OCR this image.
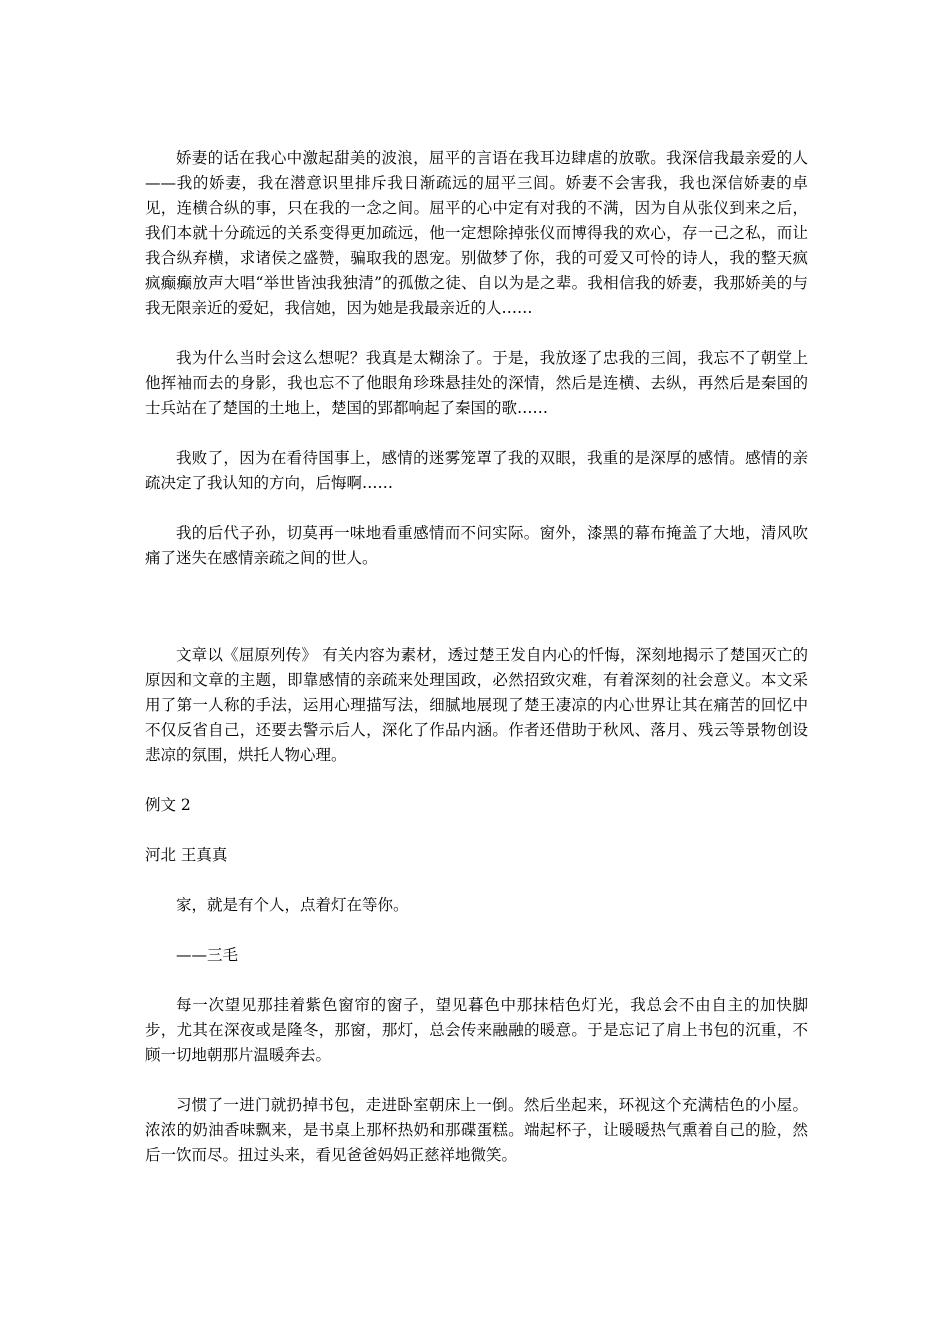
娇妻的话在我心中激起甜美的波浪，屈平的言语在我耳边肆虐的放歌。我深信我最亲爱的人——我的娇妻，我在潜意识里排斥我日渐疏远的屈平三闾。娇妻不会害我，我也深信娇妻的卓见，连横合纵的事，只在我的一念之间。屈平的心中定有对我的不满，因为自从张仪到来之后，我们本就十分疏远的关系变得更加疏远，他一定想除掉张仪而博得我的欢心，存一己之私，而让我合纵弃横，求诸侯之盛赞，骗取我的恩宠。别做梦了你，我的可爱又可怜的诗人，我的整天疯疯癫癫放声大唱“举世皆浊我独清”的孤傲之徒、自以为是之辈。我相信我的娇妻，我那娇美的与我无限亲近的爱妃，我信她，因为她是我最亲近的人……

我为什么当时会这么想呢？我真是太糊涂了。于是，我放逐了忠我的三闾，我忘不了朝堂上他挥袖而去的身影，我也忘不了他眼角珍珠悬挂处的深情，然后是连横、去纵，再然后是秦国的士兵站在了楚国的土地上，楚国的郢都响起了秦国的歌……

我败了，因为在看待国事上，感情的迷雾笼罩了我的双眼，我重的是深厚的感情。感情的亲疏决定了我认知的方向，后悔啊……

我的后代子孙，切莫再一味地看重感情而不问实际。窗外，漆黑的幕布掩盖了大地，清风吹痛了迷失在感情亲疏之间的世人。

文章以《屈原列传》 有关内容为素材，透过楚王发自内心的忏悔，深刻地揭示了楚国灭亡的原因和文章的主题，即靠感情的亲疏来处理国政，必然招致灾难，有着深刻的社会意义。本文采用了第一人称的手法，运用心理描写法，细腻地展现了楚王凄凉的内心世界让其在痛苦的回忆中不仅反省自己，还要去警示后人，深化了作品内涵。作者还借助于秋风、落月、残云等景物创设悲凉的氛围，烘托人物心理。

例文 2

河北 王真真

家，就是有个人，点着灯在等你。

——三毛

每一次望见那挂着紫色窗帘的窗子，望见暮色中那抹桔色灯光，我总会不由自主的加快脚步，尤其在深夜或是隆冬，那窗，那灯，总会传来融融的暖意。于是忘记了肩上书包的沉重，不顾一切地朝那片温暖奔去。

习惯了一进门就扔掉书包，走进卧室朝床上一倒。然后坐起来，环视这个充满桔色的小屋。浓浓的奶油香味飘来，是书桌上那杯热奶和那碟蛋糕。端起杯子，让暖暖热气熏着自己的脸，然后一饮而尽。扭过头来，看见爸爸妈妈正慈祥地微笑。
